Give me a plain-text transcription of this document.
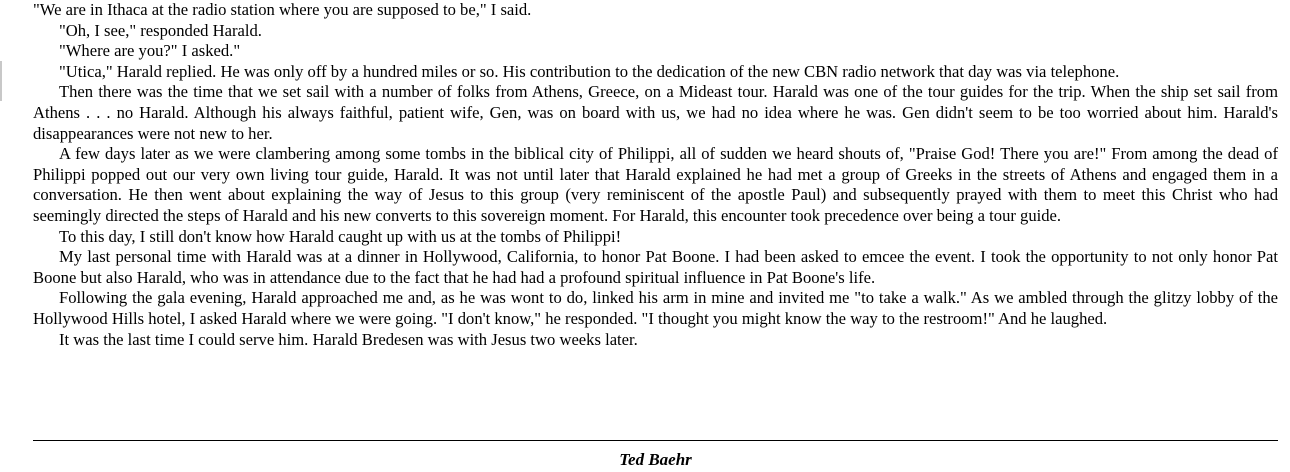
"We are in Ithaca at the radio station where you are supposed to be," I said.

"Oh, I see," responded Harald.

"Where are you?" I asked."

"Utica," Harald replied. He was only off by a hundred miles or so. His contribution to the dedication of the new CBN radio network that day was via telephone.

Then there was the time that we set sail with a number of folks from Athens, Greece, on a Mideast tour. Harald was one of the tour guides for the trip. When the ship set sail from Athens . . . no Harald. Although his always faithful, patient wife, Gen, was on board with us, we had no idea where he was. Gen didn't seem to be too worried about him. Harald's disappearances were not new to her.

A few days later as we were clambering among some tombs in the biblical city of Philippi, all of sudden we heard shouts of, "Praise God! There you are!" From among the dead of Philippi popped out our very own living tour guide, Harald. It was not until later that Harald explained he had met a group of Greeks in the streets of Athens and engaged them in a conversation. He then went about explaining the way of Jesus to this group (very reminiscent of the apostle Paul) and subsequently prayed with them to meet this Christ who had seemingly directed the steps of Harald and his new converts to this sovereign moment. For Harald, this encounter took precedence over being a tour guide.

To this day, I still don't know how Harald caught up with us at the tombs of Philippi!

My last personal time with Harald was at a dinner in Hollywood, California, to honor Pat Boone. I had been asked to emcee the event. I took the opportunity to not only honor Pat Boone but also Harald, who was in attendance due to the fact that he had had a profound spiritual influence in Pat Boone's life.

Following the gala evening, Harald approached me and, as he was wont to do, linked his arm in mine and invited me "to take a walk." As we ambled through the glitzy lobby of the Hollywood Hills hotel, I asked Harald where we were going. "I don't know," he responded. "I thought you might know the way to the restroom!" And he laughed.

It was the last time I could serve him. Harald Bredesen was with Jesus two weeks later.

Ted Baehr
